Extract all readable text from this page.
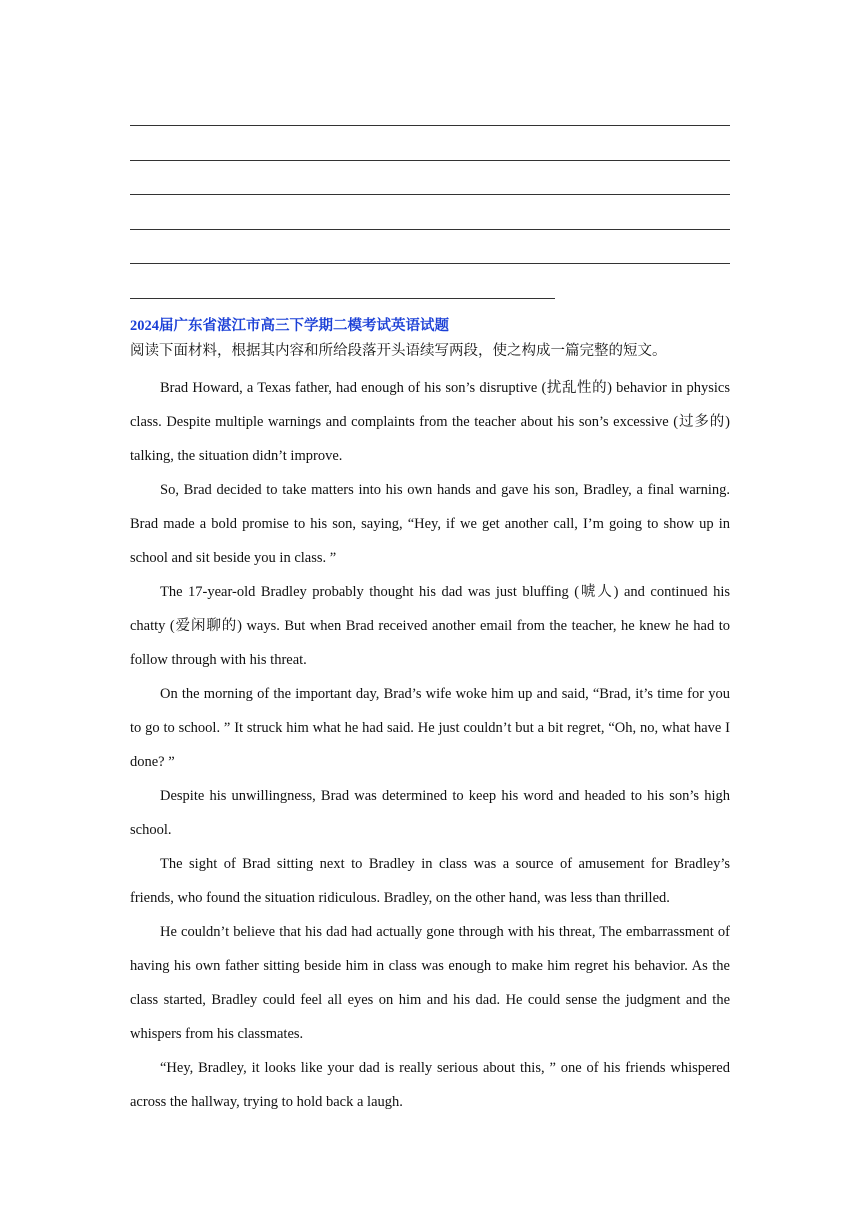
2024届广东省湛江市高三下学期二模考试英语试题
阅读下面材料，根据其内容和所给段落开头语续写两段，使之构成一篇完整的短文。

Brad Howard, a Texas father, had enough of his son’s disruptive (扰乱性的) behavior in physics class. Despite multiple warnings and complaints from the teacher about his son’s excessive (过多的) talking, the situation didn’t improve.

So, Brad decided to take matters into his own hands and gave his son, Bradley, a final warning. Brad made a bold promise to his son, saying, “Hey, if we get another call, I’m going to show up in school and sit beside you in class. ”

The 17-year-old Bradley probably thought his dad was just bluffing (唬人) and continued his chatty (爱闲聊的) ways. But when Brad received another email from the teacher, he knew he had to follow through with his threat.

On the morning of the important day, Brad’s wife woke him up and said, “Brad, it’s time for you to go to school. ” It struck him what he had said. He just couldn’t but a bit regret, “Oh, no, what have I done? ”

Despite his unwillingness, Brad was determined to keep his word and headed to his son’s high school.

The sight of Brad sitting next to Bradley in class was a source of amusement for Bradley’s friends, who found the situation ridiculous. Bradley, on the other hand, was less than thrilled.

He couldn’t believe that his dad had actually gone through with his threat, The embarrassment of having his own father sitting beside him in class was enough to make him regret his behavior. As the class started, Bradley could feel all eyes on him and his dad. He could sense the judgment and the whispers from his classmates.

“Hey, Bradley, it looks like your dad is really serious about this, ” one of his friends whispered across the hallway, trying to hold back a laugh.
